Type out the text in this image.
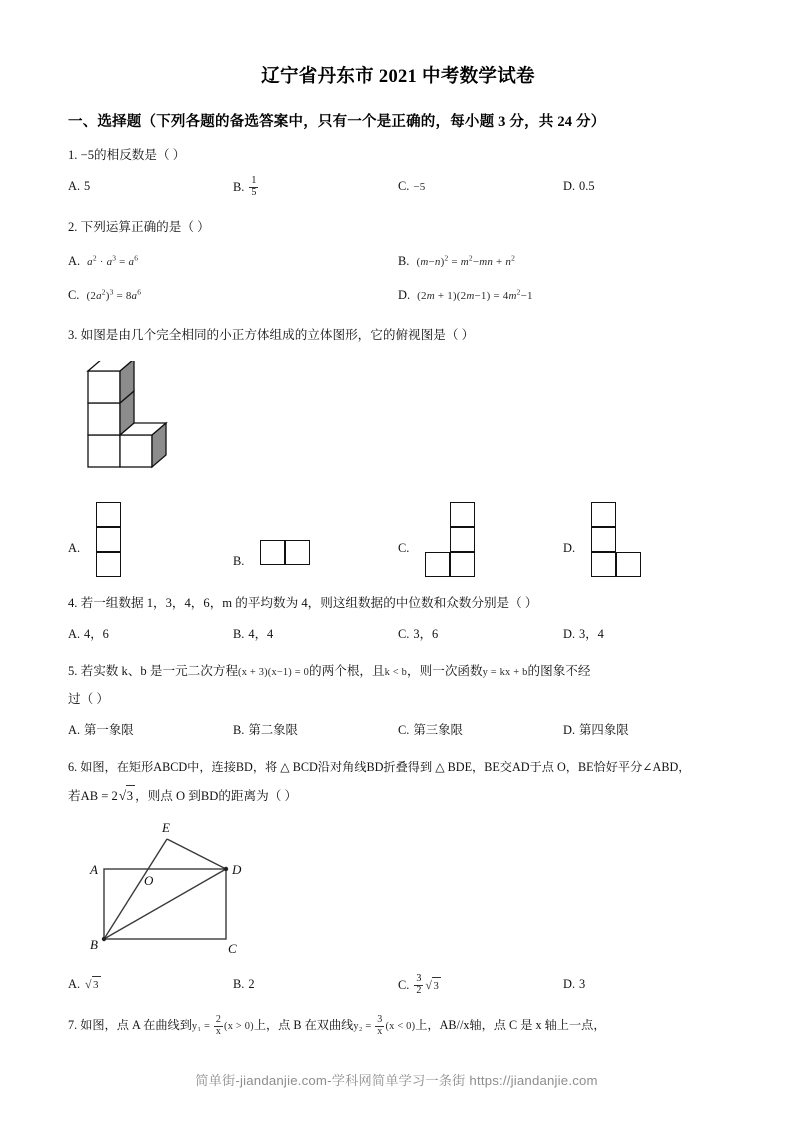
辽宁省丹东市 2021 中考数学试卷
一、选择题（下列各题的备选答案中，只有一个是正确的，每小题 3 分，共 24 分）
1. −5的相反数是（ ）
A. 5	B. $\frac{1}{5}$	C. −5	D. 0.5
2. 下列运算正确的是（ ）
A. $a^2 \cdot a^3 = a^6$	B. $(m-n)^2 = m^2-mn + n^2$
C. $(2a^2)^3 = 8a^6$	D. $(2m + 1)(2m-1) = 4m^2-1$
3. 如图是由几个完全相同的小正方体组成的立体图形，它的俯视图是（ ）
A.
B.
C.	D.
4. 若一组数据 1，3，4，6，m 的平均数为 4，则这组数据的中位数和众数分别是（ ）
A. 4，6	B. 4，4	C. 3，6	D. 3，4
5. 若实数 k、b 是一元二次方程(x + 3)(x−1) = 0的两个根，且k < b，则一次函数y = kx + b的图象不经
过（ ）
A. 第一象限	B. 第二象限	C. 第三象限	D. 第四象限
6. 如图，在矩形ABCD中，连接BD，将 △ BCD沿对角线BD折叠得到 △ BDE，BE交AD于点 O，BE恰好平分∠ABD，
若AB = 2 √ 3 ，则点 O 到BD的距离为（ ）
E
A	D
B	C
O
A. √ 3	B. 2	C. $\frac{3}{2}$ √ 3	D. 3
7. 如图，点 A 在曲线到$y_1 = \frac{2}{x} (x > 0)$上，点 B 在双曲线$y_2 = \frac{3}{x} (x < 0)$上，AB//x轴，点 C 是 x 轴上一点，
简单街-jiandanjie.com-学科网简单学习一条街 https://jiandanjie.com
